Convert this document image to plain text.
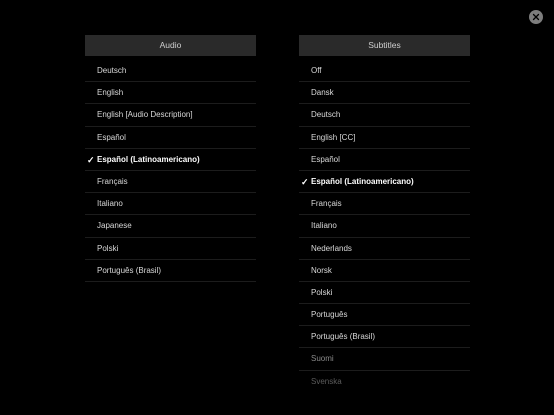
Audio
Deutsch
English
English [Audio Description]
Español
✓ Español (Latinoamericano)
Français
Italiano
Japanese
Polski
Português (Brasil)
Subtitles
Off
Dansk
Deutsch
English [CC]
Español
✓ Español (Latinoamericano)
Français
Italiano
Nederlands
Norsk
Polski
Português
Português (Brasil)
Suomi
Svenska
